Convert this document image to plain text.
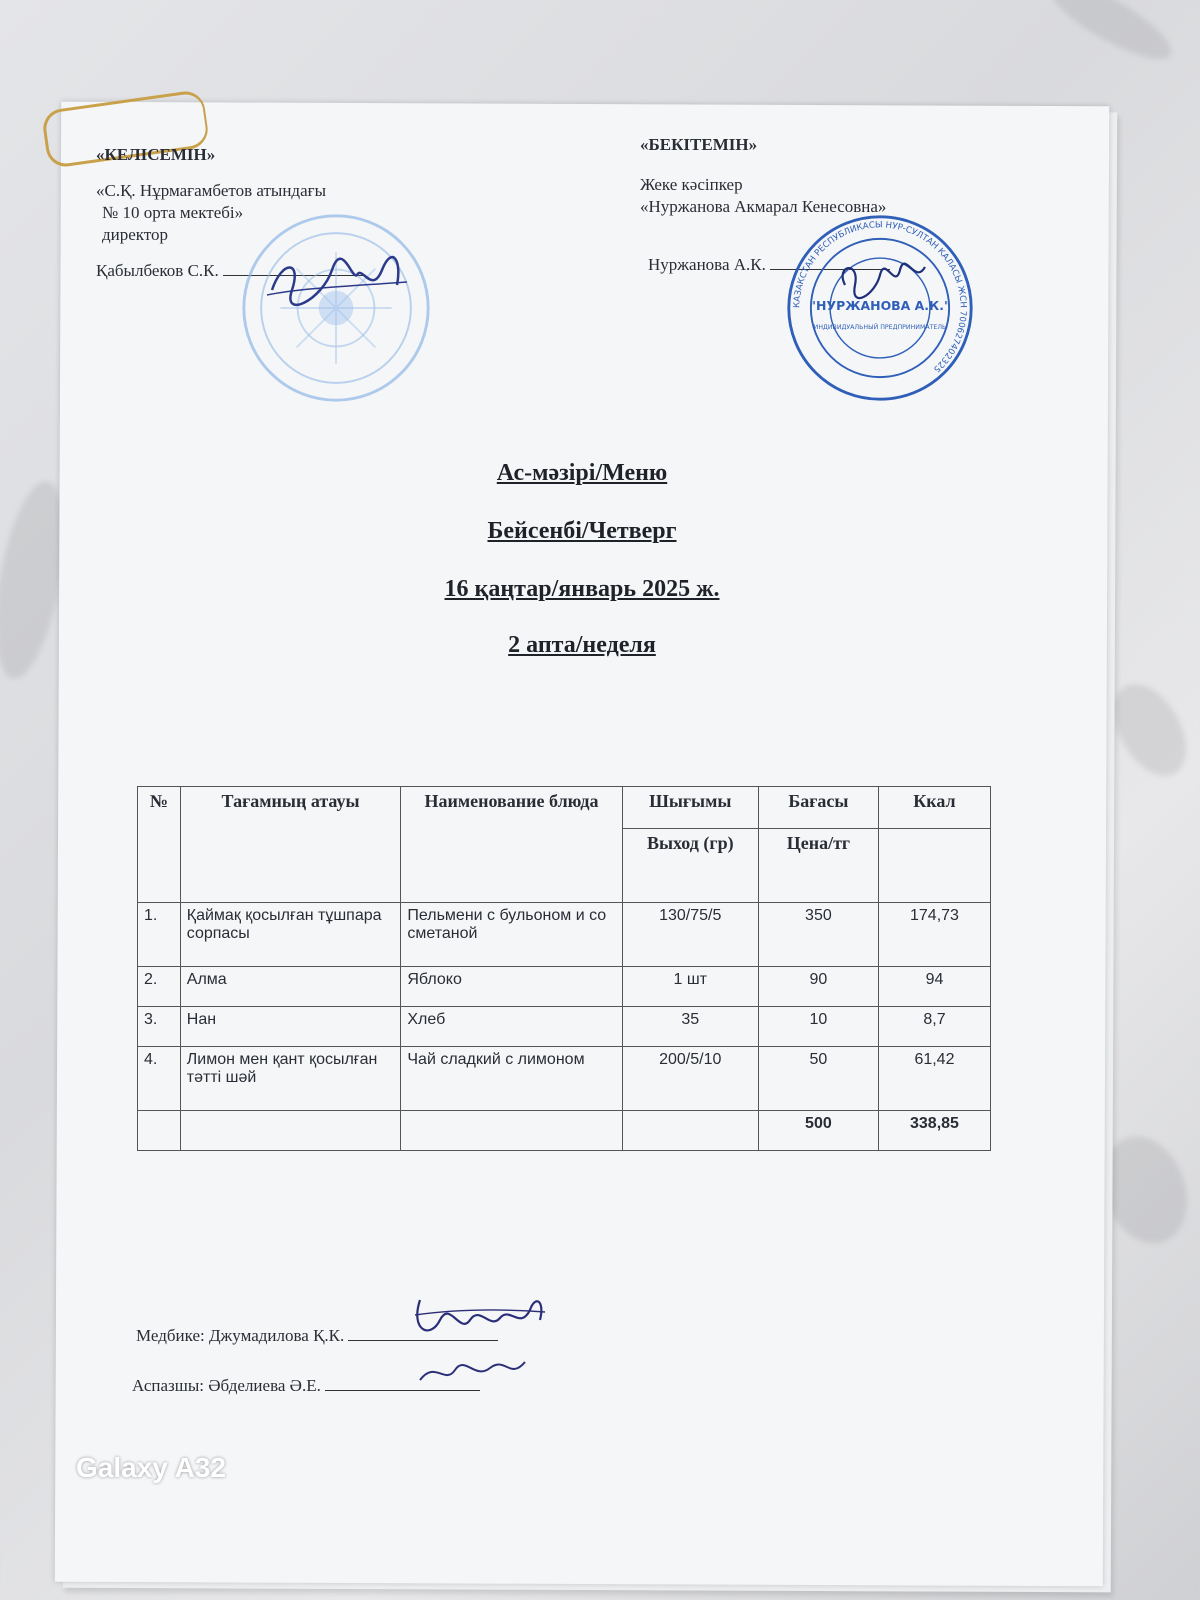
«КЕЛІСЕМІН»
«С.Қ. Нұрмағамбетов атындағы
№ 10 орта мектебі»
директор
Қабылбеков С.К.
«БЕКІТЕМІН»
Жеке кәсіпкер
«Нуржанова Акмарал Кенесовна»
Нуржанова А.К.
КАЗАКСТАН РЕСПУБЛИКАСЫ НУР-СУЛТАН КАЛАСЫ ЖСН 700627402325
"НУРЖАНОВА А.К."
ИНДИВИДУАЛЬНЫЙ ПРЕДПРИНИМАТЕЛЬ
Ас-мәзірі/Меню
Бейсенбі/Четверг
16 қаңтар/январь 2025 ж.
2 апта/неделя
№	Тағамның атауы	Наименование блюда	Шығымы	Бағасы	Ккал
			Выход (гр)	Цена/тг	
1.	Қаймақ қосылған тұшпара сорпасы	Пельмени с бульоном и со сметаной	130/75/5	350	174,73
2.	Алма	Яблоко	1 шт	90	94
3.	Нан	Хлеб	35	10	8,7
4.	Лимон мен қант қосылған тәтті шәй	Чай сладкий с лимоном	200/5/10	50	61,42
				500	338,85
Медбике: Джумадилова Қ.К.
Аспазшы: Әбделиева Ә.Е.
Galaxy A32
